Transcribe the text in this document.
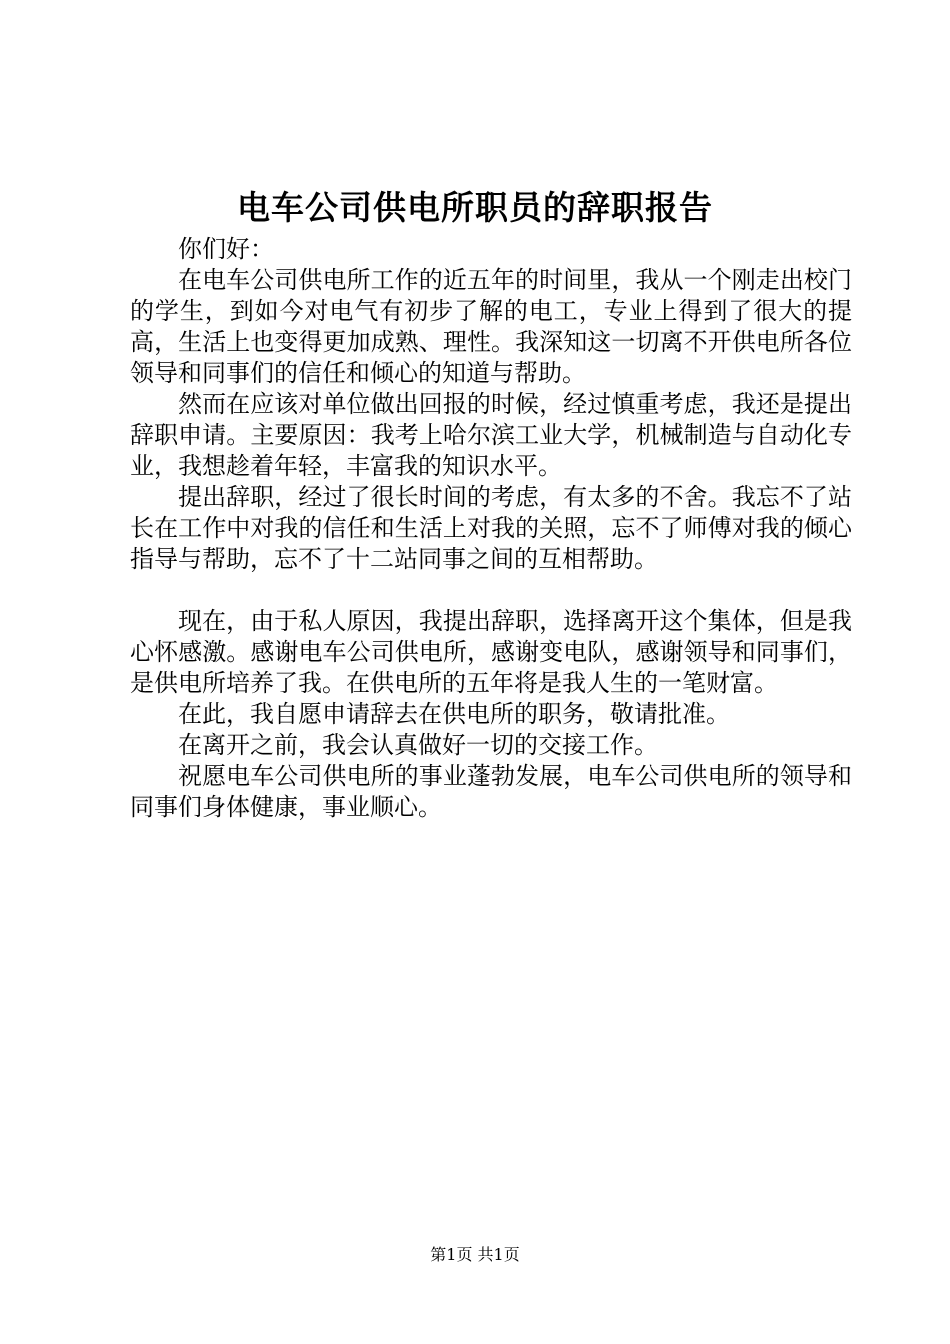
电车公司供电所职员的辞职报告

你们好：

在电车公司供电所工作的近五年的时间里，我从一个刚走出校门的学生，到如今对电气有初步了解的电工，专业上得到了很大的提高，生活上也变得更加成熟、理性。我深知这一切离不开供电所各位领导和同事们的信任和倾心的知道与帮助。

然而在应该对单位做出回报的时候，经过慎重考虑，我还是提出辞职申请。主要原因：我考上哈尔滨工业大学，机械制造与自动化专业，我想趁着年轻，丰富我的知识水平。

提出辞职，经过了很长时间的考虑，有太多的不舍。我忘不了站长在工作中对我的信任和生活上对我的关照，忘不了师傅对我的倾心指导与帮助，忘不了十二站同事之间的互相帮助。

现在，由于私人原因，我提出辞职，选择离开这个集体，但是我心怀感激。感谢电车公司供电所，感谢变电队，感谢领导和同事们，是供电所培养了我。在供电所的五年将是我人生的一笔财富。

在此，我自愿申请辞去在供电所的职务，敬请批准。

在离开之前，我会认真做好一切的交接工作。

祝愿电车公司供电所的事业蓬勃发展，电车公司供电所的领导和同事们身体健康，事业顺心。

第1页 共1页
